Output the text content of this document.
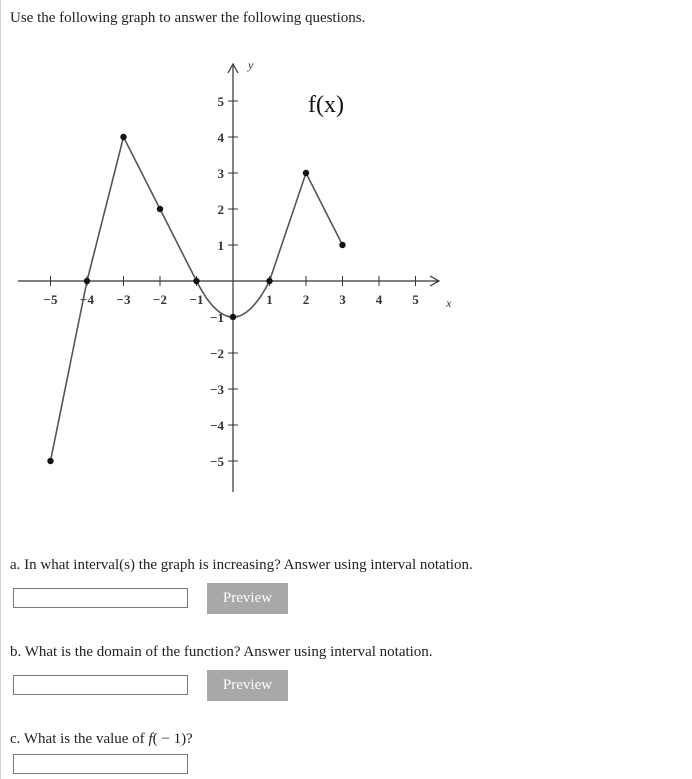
Use the following graph to answer the following questions.
−5 −4 −3 −2 −1	1 2 3 4 5
5
4
3
2
1
−1
−2
−3
−4
−5
y
x
f(x)
a. In what interval(s) the graph is increasing? Answer using interval notation.
Preview
b. What is the domain of the function? Answer using interval notation.
Preview
c. What is the value of f( − 1)?
